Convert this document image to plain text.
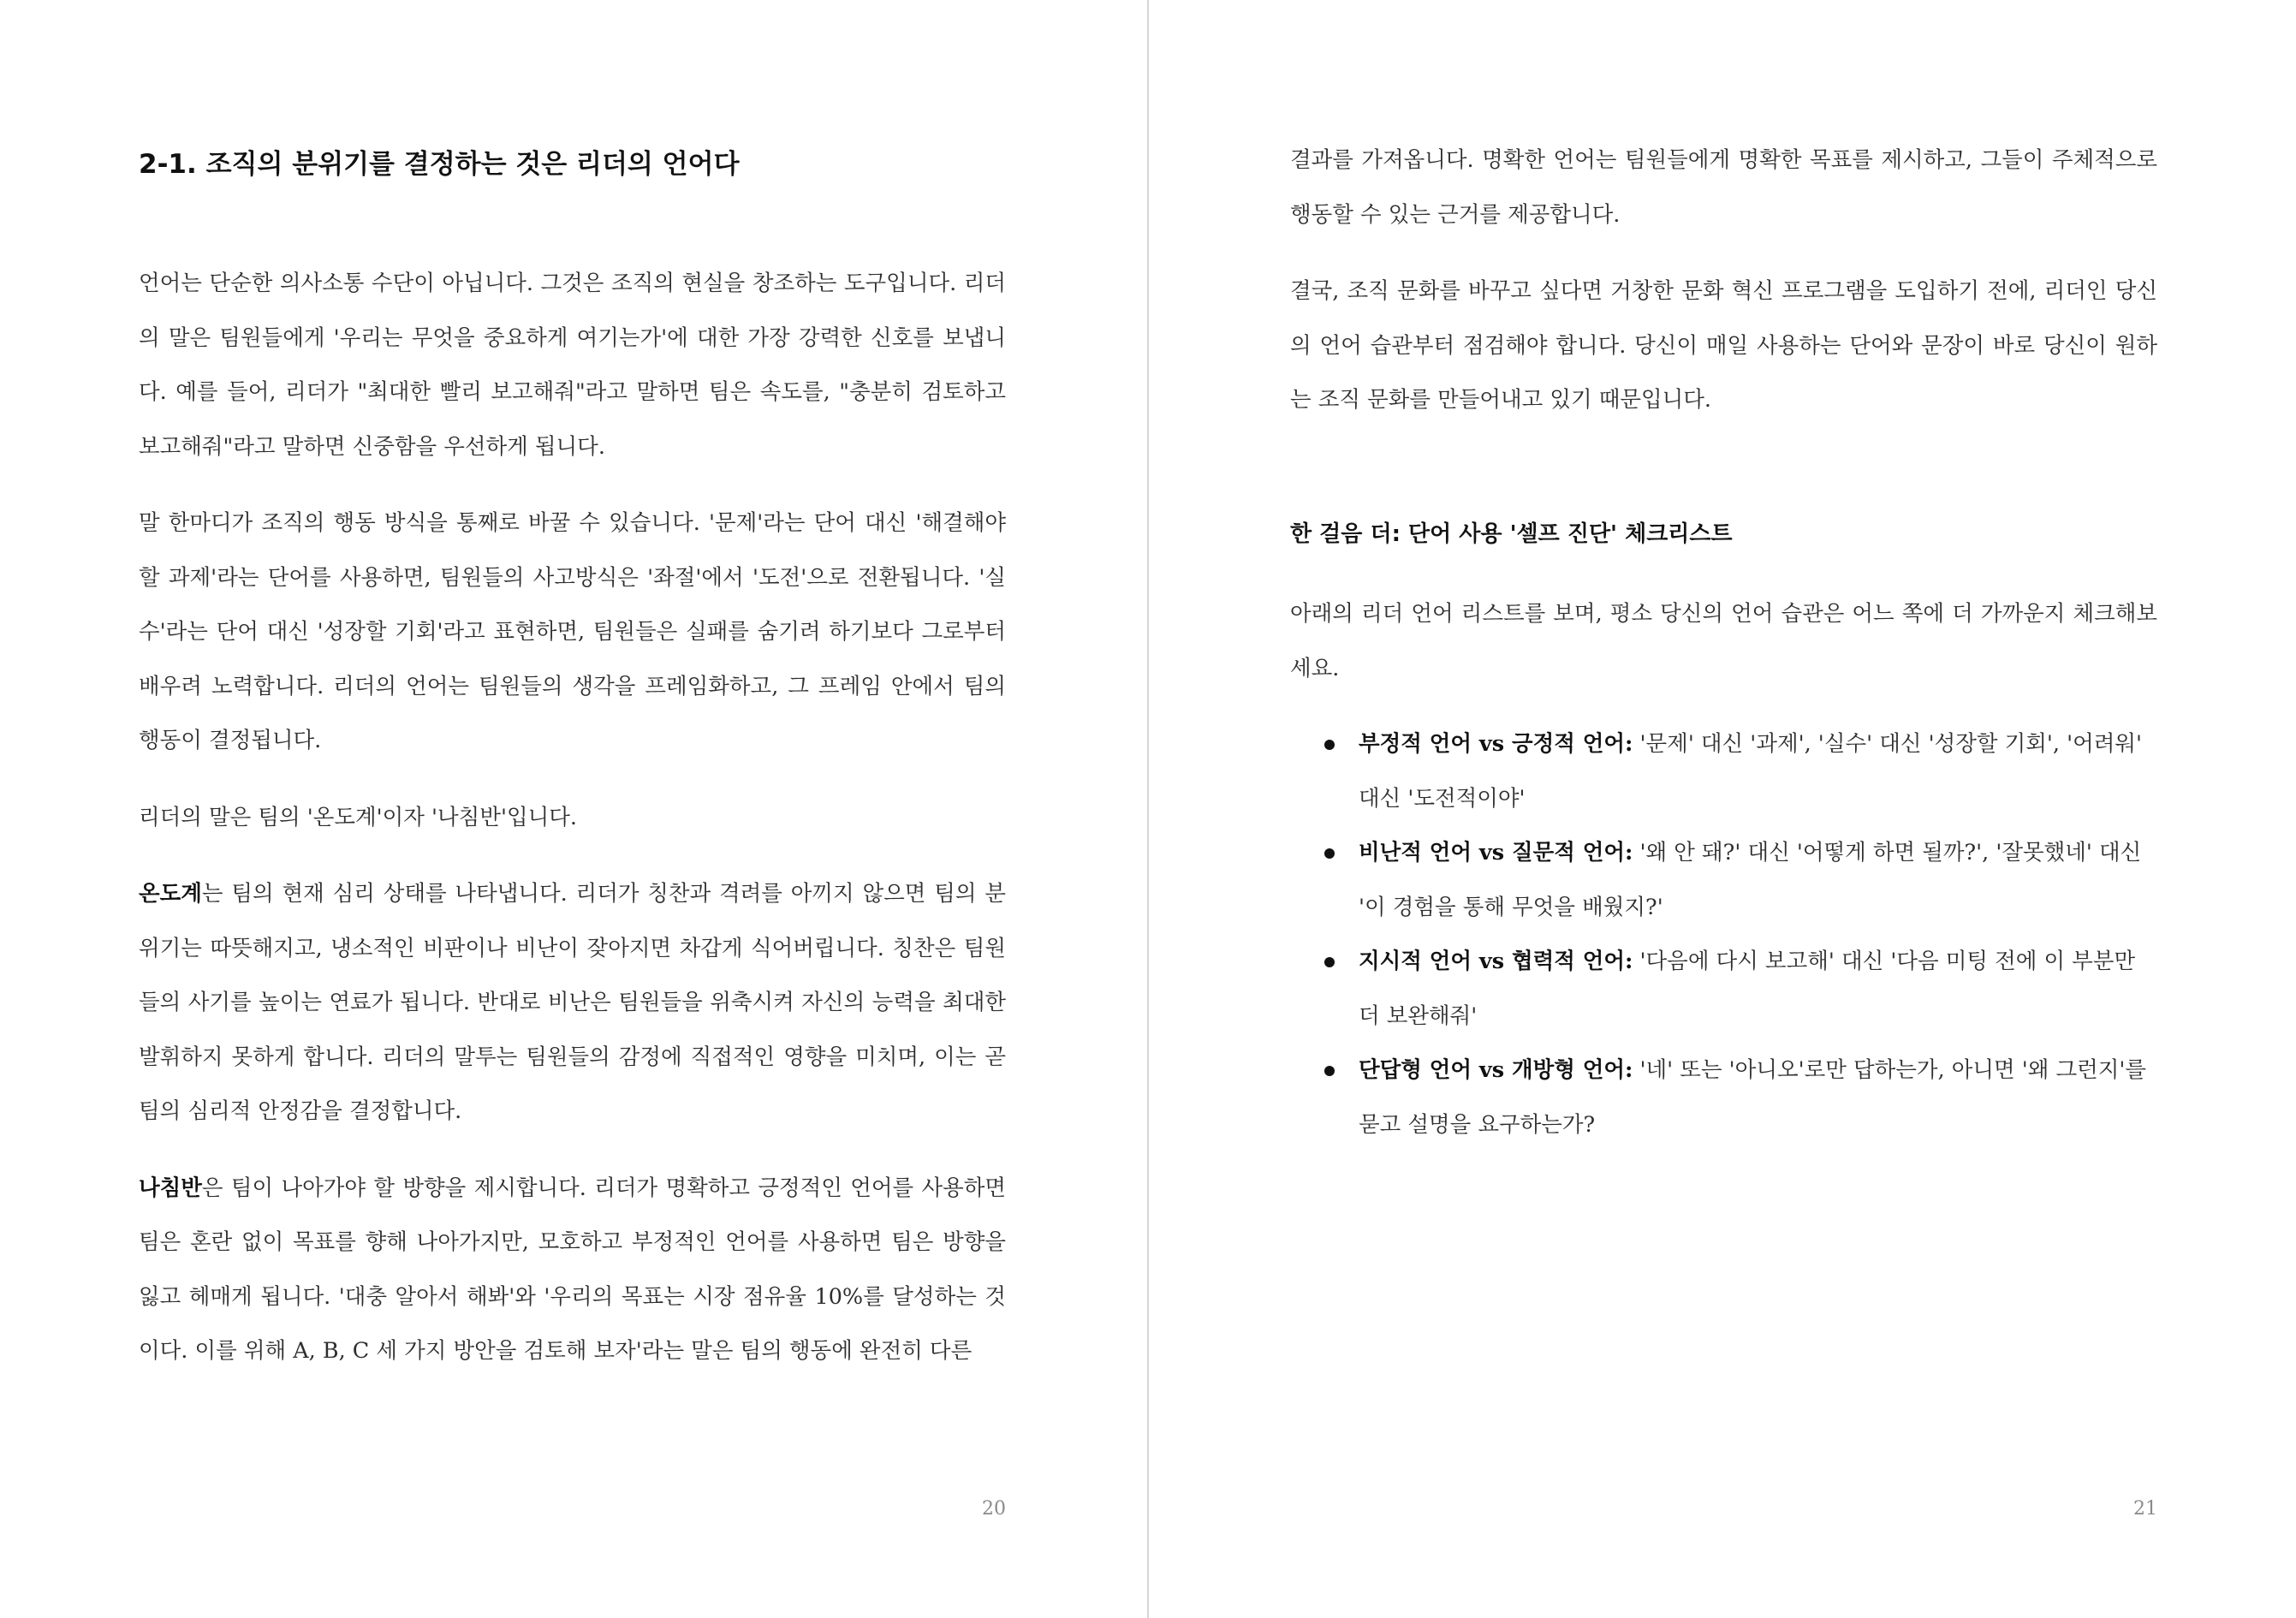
2-1. 조직의 분위기를 결정하는 것은 리더의 언어다

언어는 단순한 의사소통 수단이 아닙니다. 그것은 조직의 현실을 창조하는 도구입니다. 리더의 말은 팀원들에게 '우리는 무엇을 중요하게 여기는가'에 대한 가장 강력한 신호를 보냅니다. 예를 들어, 리더가 "최대한 빨리 보고해줘"라고 말하면 팀은 속도를, "충분히 검토하고 보고해줘"라고 말하면 신중함을 우선하게 됩니다.

말 한마디가 조직의 행동 방식을 통째로 바꿀 수 있습니다. '문제'라는 단어 대신 '해결해야 할 과제'라는 단어를 사용하면, 팀원들의 사고방식은 '좌절'에서 '도전'으로 전환됩니다. '실수'라는 단어 대신 '성장할 기회'라고 표현하면, 팀원들은 실패를 숨기려 하기보다 그로부터 배우려 노력합니다. 리더의 언어는 팀원들의 생각을 프레임화하고, 그 프레임 안에서 팀의 행동이 결정됩니다.

리더의 말은 팀의 '온도계'이자 '나침반'입니다.

온도계는 팀의 현재 심리 상태를 나타냅니다. 리더가 칭찬과 격려를 아끼지 않으면 팀의 분위기는 따뜻해지고, 냉소적인 비판이나 비난이 잦아지면 차갑게 식어버립니다. 칭찬은 팀원들의 사기를 높이는 연료가 됩니다. 반대로 비난은 팀원들을 위축시켜 자신의 능력을 최대한 발휘하지 못하게 합니다. 리더의 말투는 팀원들의 감정에 직접적인 영향을 미치며, 이는 곧 팀의 심리적 안정감을 결정합니다.

나침반은 팀이 나아가야 할 방향을 제시합니다. 리더가 명확하고 긍정적인 언어를 사용하면 팀은 혼란 없이 목표를 향해 나아가지만, 모호하고 부정적인 언어를 사용하면 팀은 방향을 잃고 헤매게 됩니다. '대충 알아서 해봐'와 '우리의 목표는 시장 점유율 10%를 달성하는 것이다. 이를 위해 A, B, C 세 가지 방안을 검토해 보자'라는 말은 팀의 행동에 완전히 다른

20

결과를 가져옵니다. 명확한 언어는 팀원들에게 명확한 목표를 제시하고, 그들이 주체적으로 행동할 수 있는 근거를 제공합니다.

결국, 조직 문화를 바꾸고 싶다면 거창한 문화 혁신 프로그램을 도입하기 전에, 리더인 당신의 언어 습관부터 점검해야 합니다. 당신이 매일 사용하는 단어와 문장이 바로 당신이 원하는 조직 문화를 만들어내고 있기 때문입니다.

한 걸음 더: 단어 사용 '셀프 진단' 체크리스트

아래의 리더 언어 리스트를 보며, 평소 당신의 언어 습관은 어느 쪽에 더 가까운지 체크해보세요.

부정적 언어 vs 긍정적 언어: '문제' 대신 '과제', '실수' 대신 '성장할 기회', '어려워' 대신 '도전적이야'
비난적 언어 vs 질문적 언어: '왜 안 돼?' 대신 '어떻게 하면 될까?', '잘못했네' 대신 '이 경험을 통해 무엇을 배웠지?'
지시적 언어 vs 협력적 언어: '다음에 다시 보고해' 대신 '다음 미팅 전에 이 부분만 더 보완해줘'
단답형 언어 vs 개방형 언어: '네' 또는 '아니오'로만 답하는가, 아니면 '왜 그런지'를 묻고 설명을 요구하는가?
21
